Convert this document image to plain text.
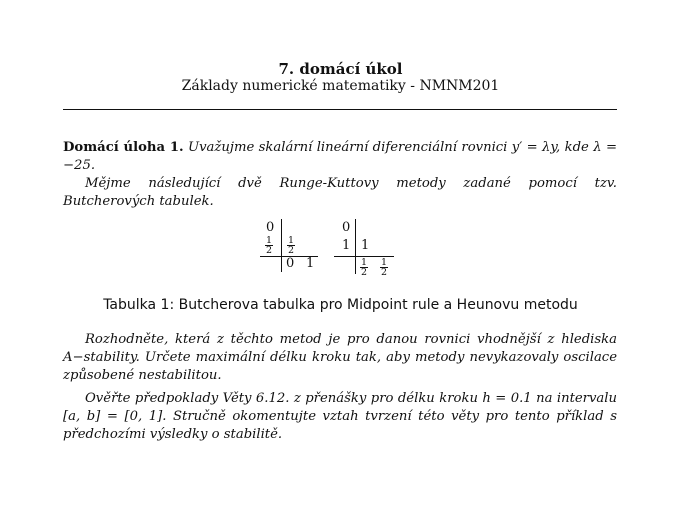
7. domácí úkol
Základy numerické matematiky - NMNM201
Domácí úloha 1. Uvažujme skalární lineární diferenciální rovnici y′ = λy, kde λ = −25.
Mějme následující dvě Runge-Kuttovy metody zadané pomocí tzv. Butcherových tabulek.
0
$\frac{1}{2} \frac{1}{2}$
0 1
0
1 1
$\frac{1}{2} \frac{1}{2}$
Tabulka 1: Butcherova tabulka pro Midpoint rule a Heunovu metodu
Rozhodněte, která z těchto metod je pro danou rovnici vhodnější z hlediska A−stability. Určete maximální délku kroku tak, aby metody nevykazovaly oscilace způsobené nestabilitou.
Ověřte předpoklady Věty 6.12. z přenášky pro délku kroku h = 0.1 na intervalu [a, b] = [0, 1]. Stručně okomentujte vztah tvrzení této věty pro tento příklad s předchozími výsledky o stabilitě.
